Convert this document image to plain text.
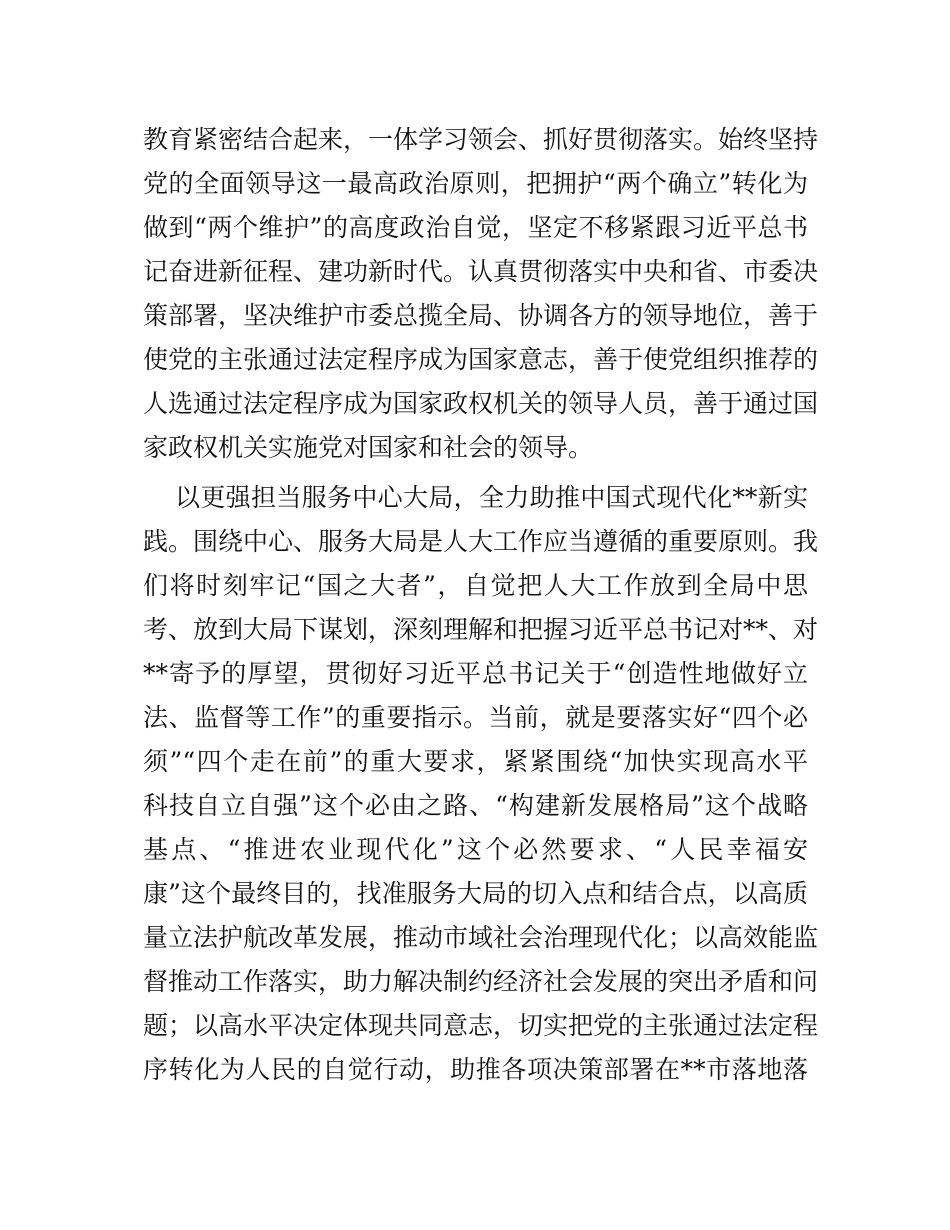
教育紧密结合起来，一体学习领会、抓好贯彻落实。始终坚持
党的全面领导这一最高政治原则，把拥护“两个确立”转化为
做到“两个维护”的高度政治自觉，坚定不移紧跟习近平总书
记奋进新征程、建功新时代。认真贯彻落实中央和省、市委决
策部署，坚决维护市委总揽全局、协调各方的领导地位，善于
使党的主张通过法定程序成为国家意志，善于使党组织推荐的
人选通过法定程序成为国家政权机关的领导人员，善于通过国
家政权机关实施党对国家和社会的领导。
以更强担当服务中心大局，全力助推中国式现代化**新实
践。围绕中心、服务大局是人大工作应当遵循的重要原则。我
们将时刻牢记“国之大者”，自觉把人大工作放到全局中思
考、放到大局下谋划，深刻理解和把握习近平总书记对**、对
**寄予的厚望，贯彻好习近平总书记关于“创造性地做好立
法、监督等工作”的重要指示。当前，就是要落实好“四个必
须”“四个走在前”的重大要求，紧紧围绕“加快实现高水平
科技自立自强”这个必由之路、“构建新发展格局”这个战略
基点、“推进农业现代化”这个必然要求、“人民幸福安
康”这个最终目的，找准服务大局的切入点和结合点，以高质
量立法护航改革发展，推动市域社会治理现代化；以高效能监
督推动工作落实，助力解决制约经济社会发展的突出矛盾和问
题；以高水平决定体现共同意志，切实把党的主张通过法定程
序转化为人民的自觉行动，助推各项决策部署在**市落地落
